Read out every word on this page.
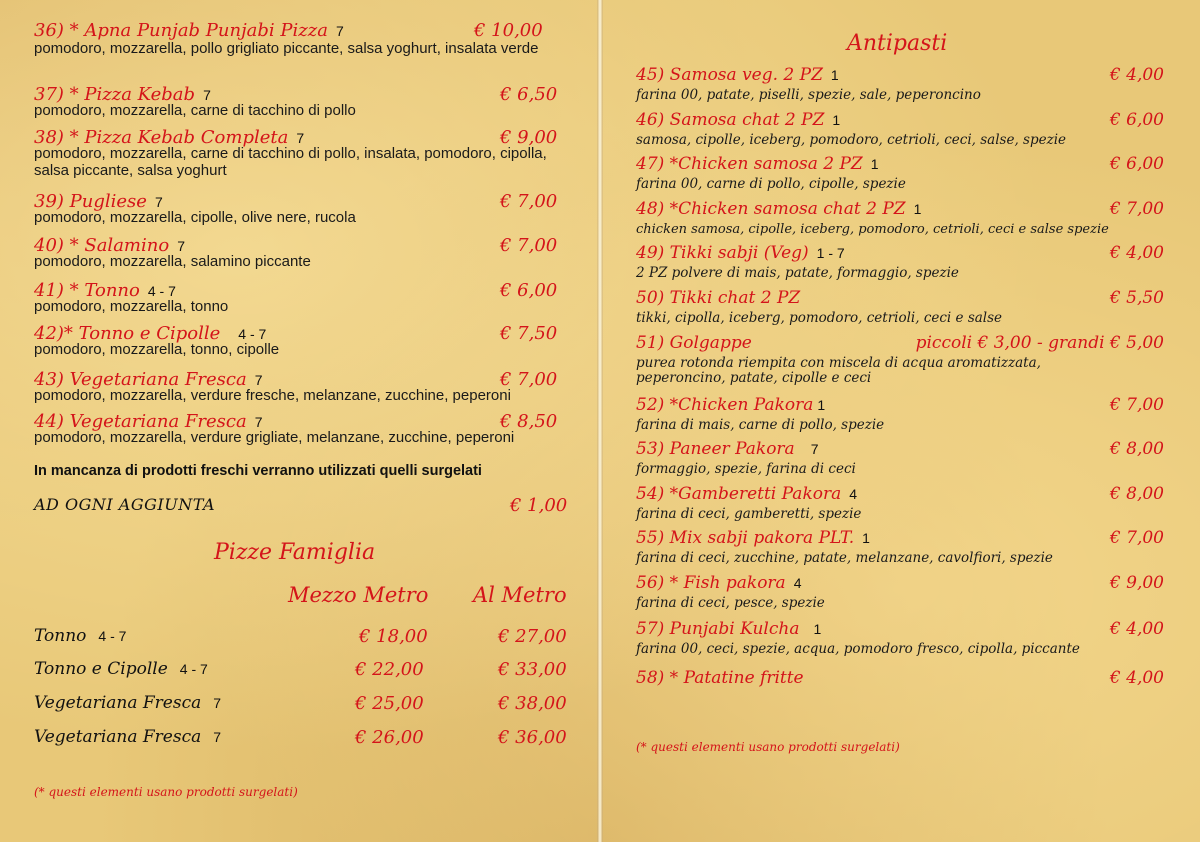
36) * Apna Punjab Punjabi Pizza 7	€ 10,00
pomodoro, mozzarella, pollo grigliato piccante, salsa yoghurt, insalata verde
37) * Pizza Kebab 7	€ 6,50
pomodoro, mozzarella, carne di tacchino di pollo
38) * Pizza Kebab Completa 7	€ 9,00
pomodoro, mozzarella, carne di tacchino di pollo, insalata, pomodoro, cipolla, salsa piccante, salsa yoghurt
39) Pugliese 7	€ 7,00
pomodoro, mozzarella, cipolle, olive nere, rucola
40) * Salamino 7	€ 7,00
pomodoro, mozzarella, salamino piccante
41) * Tonno 4 - 7	€ 6,00
pomodoro, mozzarella, tonno
42)* Tonno e Cipolle 4 - 7	€ 7,50
pomodoro, mozzarella, tonno, cipolle
43) Vegetariana Fresca 7	€ 7,00
pomodoro, mozzarella, verdure fresche, melanzane, zucchine, peperoni
44) Vegetariana Fresca 7	€ 8,50
pomodoro, mozzarella, verdure grigliate, melanzane, zucchine, peperoni
In mancanza di prodotti freschi verranno utilizzati quelli surgelati
AD OGNI AGGIUNTA	€ 1,00
Pizze Famiglia
Mezzo Metro Al Metro
Tonno 4 - 7	€ 18,00	€ 27,00
Tonno e Cipolle 4 - 7	€ 22,00	€ 33,00
Vegetariana Fresca 7	€ 25,00	€ 38,00
Vegetariana Fresca 7	€ 26,00	€ 36,00
(* questi elementi usano prodotti surgelati)
Antipasti
45) Samosa veg. 2 PZ 1	€ 4,00
farina 00, patate, piselli, spezie, sale, peperoncino
46) Samosa chat 2 PZ 1	€ 6,00
samosa, cipolle, iceberg, pomodoro, cetrioli, ceci, salse, spezie
47) *Chicken samosa 2 PZ 1	€ 6,00
farina 00, carne di pollo, cipolle, spezie
48) *Chicken samosa chat 2 PZ 1	€ 7,00
chicken samosa, cipolle, iceberg, pomodoro, cetrioli, ceci e salse spezie
49) Tikki sabji (Veg) 1 - 7	€ 4,00
2 PZ polvere di mais, patate, formaggio, spezie
50) Tikki chat 2 PZ	€ 5,50
tikki, cipolla, iceberg, pomodoro, cetrioli, ceci e salse
51) Golgappe	piccoli € 3,00 - grandi € 5,00
purea rotonda riempita con miscela di acqua aromatizzata, peperoncino, patate, cipolle e ceci
52) *Chicken Pakora 1	€ 7,00
farina di mais, carne di pollo, spezie
53) Paneer Pakora 7	€ 8,00
formaggio, spezie, farina di ceci
54) *Gamberetti Pakora 4	€ 8,00
farina di ceci, gamberetti, spezie
55) Mix sabji pakora PLT. 1	€ 7,00
farina di ceci, zucchine, patate, melanzane, cavolfiori, spezie
56) * Fish pakora 4	€ 9,00
farina di ceci, pesce, spezie
57) Punjabi Kulcha 1	€ 4,00
farina 00, ceci, spezie, acqua, pomodoro fresco, cipolla, piccante
58) * Patatine fritte	€ 4,00
(* questi elementi usano prodotti surgelati)
